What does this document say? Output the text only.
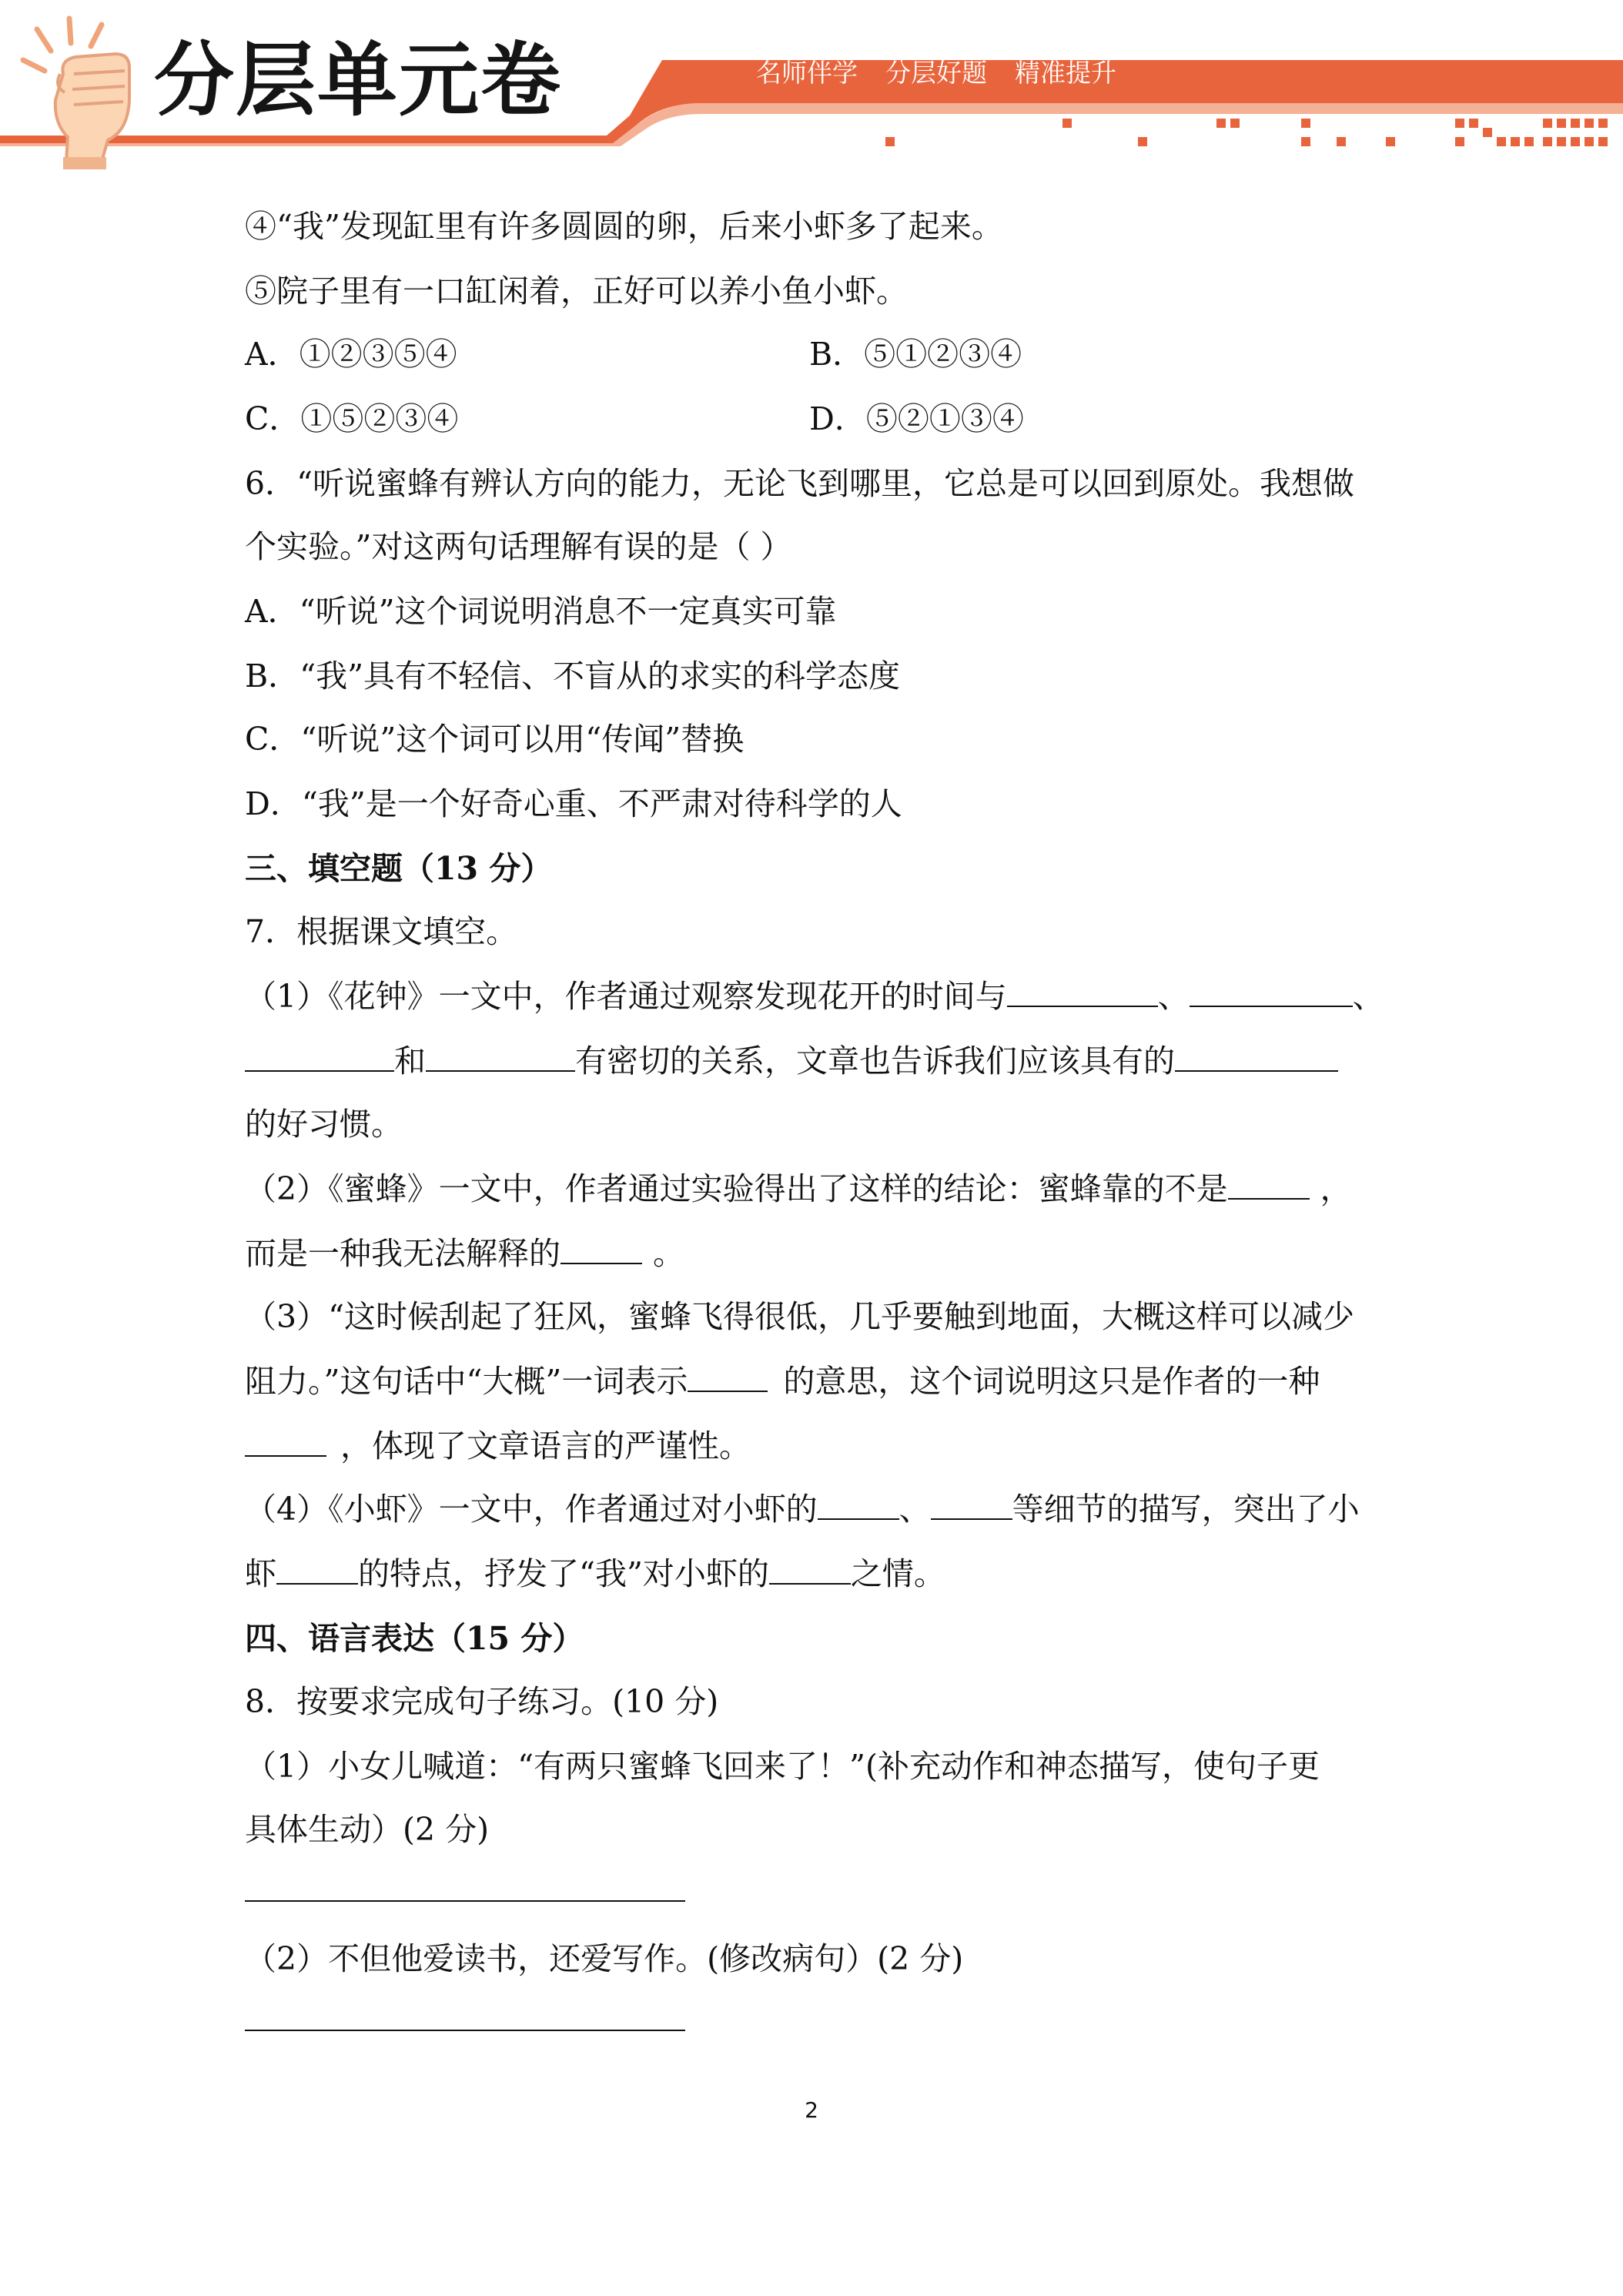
分层单元卷	名师伴学 分层好题 精准提升
④“我”发现缸里有许多圆圆的卵，后来小虾多了起来。
⑤院子里有一口缸闲着，正好可以养小鱼小虾。
A．①②③⑤④	B．⑤①②③④
C．①⑤②③④	D．⑤②①③④
6．“听说蜜蜂有辨认方向的能力，无论飞到哪里，它总是可以回到原处。我想做
个实验。”对这两句话理解有误的是（ ）
A．“听说”这个词说明消息不一定真实可靠
B．“我”具有不轻信、不盲从的求实的科学态度
C．“听说”这个词可以用“传闻”替换
D．“我”是一个好奇心重、不严肃对待科学的人
三、填空题（13 分）
7．根据课文填空。
（1）《花钟》一文中，作者通过观察发现花开的时间与	、	、
和	有密切的关系，文章也告诉我们应该具有的
的好习惯。
（2）《蜜蜂》一文中，作者通过实验得出了这样的结论：蜜蜂靠的不是	，
而是一种我无法解释的	。
（3）“这时候刮起了狂风，蜜蜂飞得很低，几乎要触到地面，大概这样可以减少
阻力。”这句话中“大概”一词表示	的意思，这个词说明这只是作者的一种
，体现了文章语言的严谨性。
（4）《小虾》一文中，作者通过对小虾的	、	等细节的描写，突出了小
虾	的特点，抒发了“我”对小虾的	之情。
四、语言表达（15 分）
8．按要求完成句子练习。(10 分)
（1）小女儿喊道：“有两只蜜蜂飞回来了！”(补充动作和神态描写，使句子更
具体生动）(2 分)
（2）不但他爱读书，还爱写作。(修改病句）(2 分)
2
